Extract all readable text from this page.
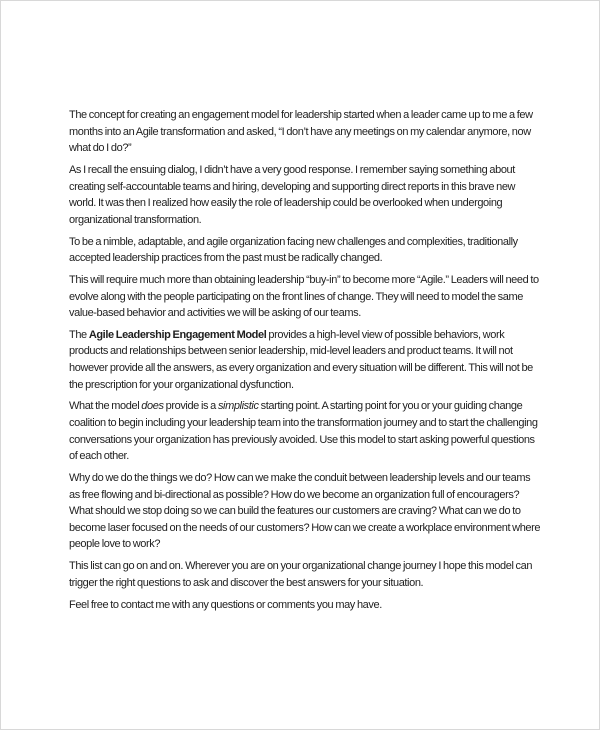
The concept for creating an engagement model for leadership started when a leader came up to me a few months into an Agile transformation and asked, “I don’t have any meetings on my calendar anymore, now what do I do?”

As I recall the ensuing dialog, I didn’t have a very good response. I remember saying something about creating self-accountable teams and hiring, developing and supporting direct reports in this brave new world. It was then I realized how easily the role of leadership could be overlooked when undergoing organizational transformation.

To be a nimble, adaptable, and agile organization facing new challenges and complexities, traditionally accepted leadership practices from the past must be radically changed.

This will require much more than obtaining leadership “buy-in” to become more “Agile.” Leaders will need to evolve along with the people participating on the front lines of change. They will need to model the same value-based behavior and activities we will be asking of our teams.

The Agile Leadership Engagement Model provides a high-level view of possible behaviors, work products and relationships between senior leadership, mid-level leaders and product teams. It will not however provide all the answers, as every organization and every situation will be different. This will not be the prescription for your organizational dysfunction.

What the model does provide is a simplistic starting point. A starting point for you or your guiding change coalition to begin including your leadership team into the transformation journey and to start the challenging conversations your organization has previously avoided. Use this model to start asking powerful questions of each other.

Why do we do the things we do? How can we make the conduit between leadership levels and our teams as free flowing and bi-directional as possible? How do we become an organization full of encouragers? What should we stop doing so we can build the features our customers are craving? What can we do to become laser focused on the needs of our customers? How can we create a workplace environment where people love to work?

This list can go on and on. Wherever you are on your organizational change journey I hope this model can trigger the right questions to ask and discover the best answers for your situation.

Feel free to contact me with any questions or comments you may have.
